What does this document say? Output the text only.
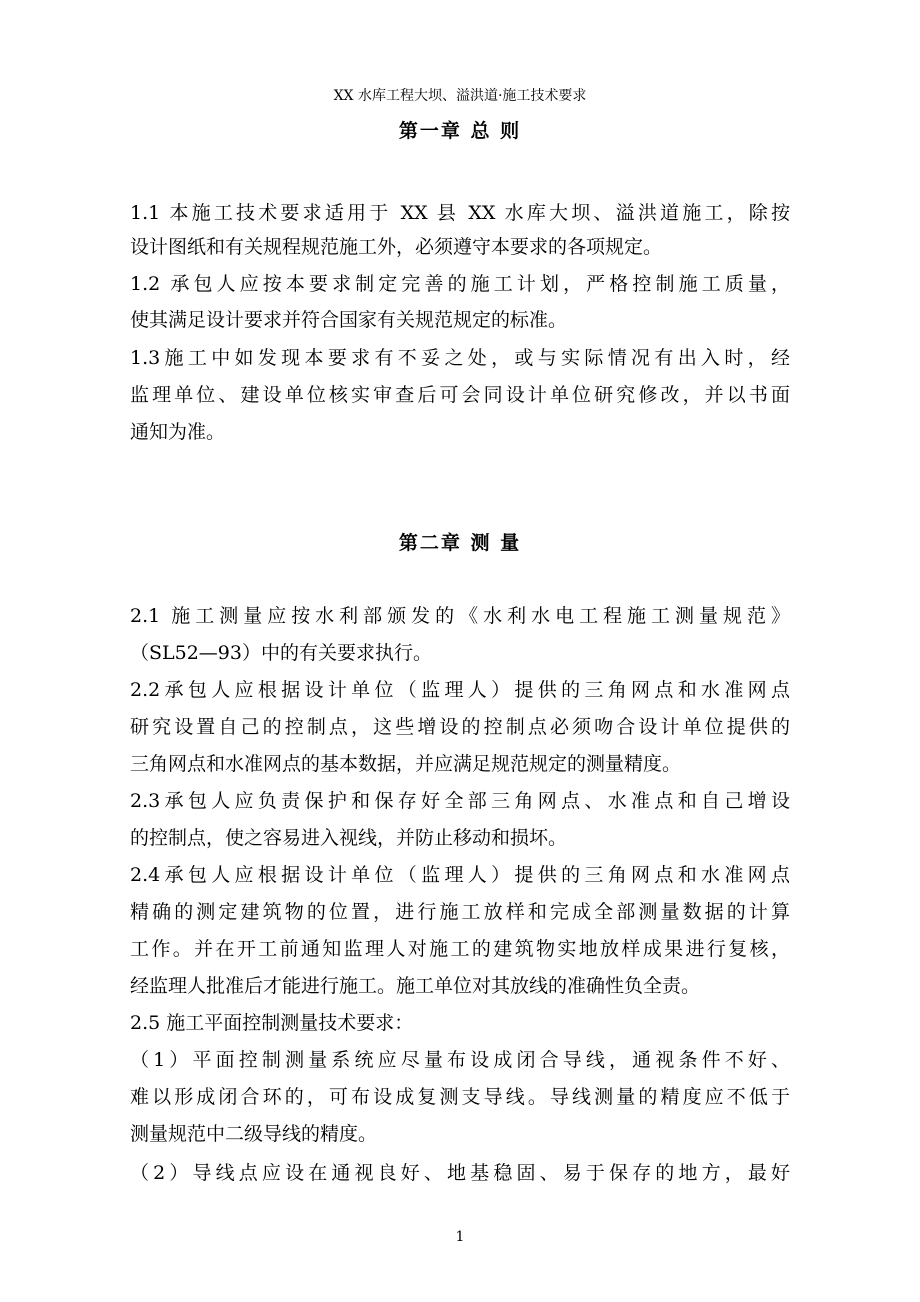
XX 水库工程大坝、溢洪道·施工技术要求
第一章 总 则
1.1 本施工技术要求适用于 XX 县 XX 水库大坝、溢洪道施工，除按
设计图纸和有关规程规范施工外，必须遵守本要求的各项规定。
1.2 承包人应按本要求制定完善的施工计划，严格控制施工质量，
使其满足设计要求并符合国家有关规范规定的标准。
1.3施工中如发现本要求有不妥之处，或与实际情况有出入时，经
监理单位、建设单位核实审查后可会同设计单位研究修改，并以书面
通知为准。
第二章 测 量
2.1 施工测量应按水利部颁发的《水利水电工程施工测量规范》
（SL52—93）中的有关要求执行。
2.2承包人应根据设计单位（监理人）提供的三角网点和水准网点
研究设置自己的控制点，这些增设的控制点必须吻合设计单位提供的
三角网点和水准网点的基本数据，并应满足规范规定的测量精度。
2.3承包人应负责保护和保存好全部三角网点、水准点和自己增设
的控制点，使之容易进入视线，并防止移动和损坏。
2.4承包人应根据设计单位（监理人）提供的三角网点和水准网点
精确的测定建筑物的位置，进行施工放样和完成全部测量数据的计算
工作。并在开工前通知监理人对施工的建筑物实地放样成果进行复核，
经监理人批准后才能进行施工。施工单位对其放线的准确性负全责。
2.5 施工平面控制测量技术要求：
（1）平面控制测量系统应尽量布设成闭合导线，通视条件不好、
难以形成闭合环的，可布设成复测支导线。导线测量的精度应不低于
测量规范中二级导线的精度。
（2）导线点应设在通视良好、地基稳固、易于保存的地方，最好
1
